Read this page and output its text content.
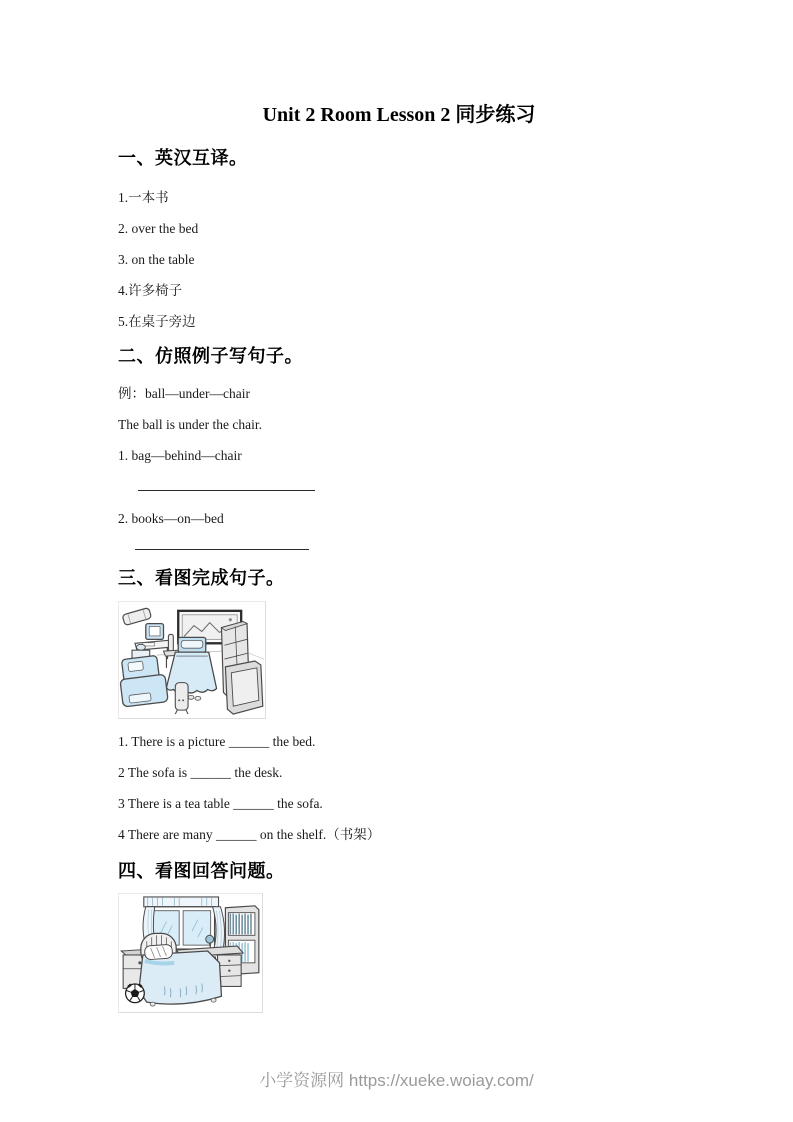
Unit 2 Room Lesson 2 同步练习
一、英汉互译。

1.一本书

2. over the bed

3. on the table

4.许多椅子

5.在桌子旁边

二、仿照例子写句子。

例：ball—under—chair

The ball is under the chair.

1. bag—behind—chair

2. books—on—bed

三、看图完成句子。

1. There is a picture ______ the bed.

2 The sofa is ______ the desk.

3 There is a tea table ______ the sofa.

4 There are many ______ on the shelf.（书架）

四、看图回答问题。
小学资源网 https://xueke.woiay.com/
